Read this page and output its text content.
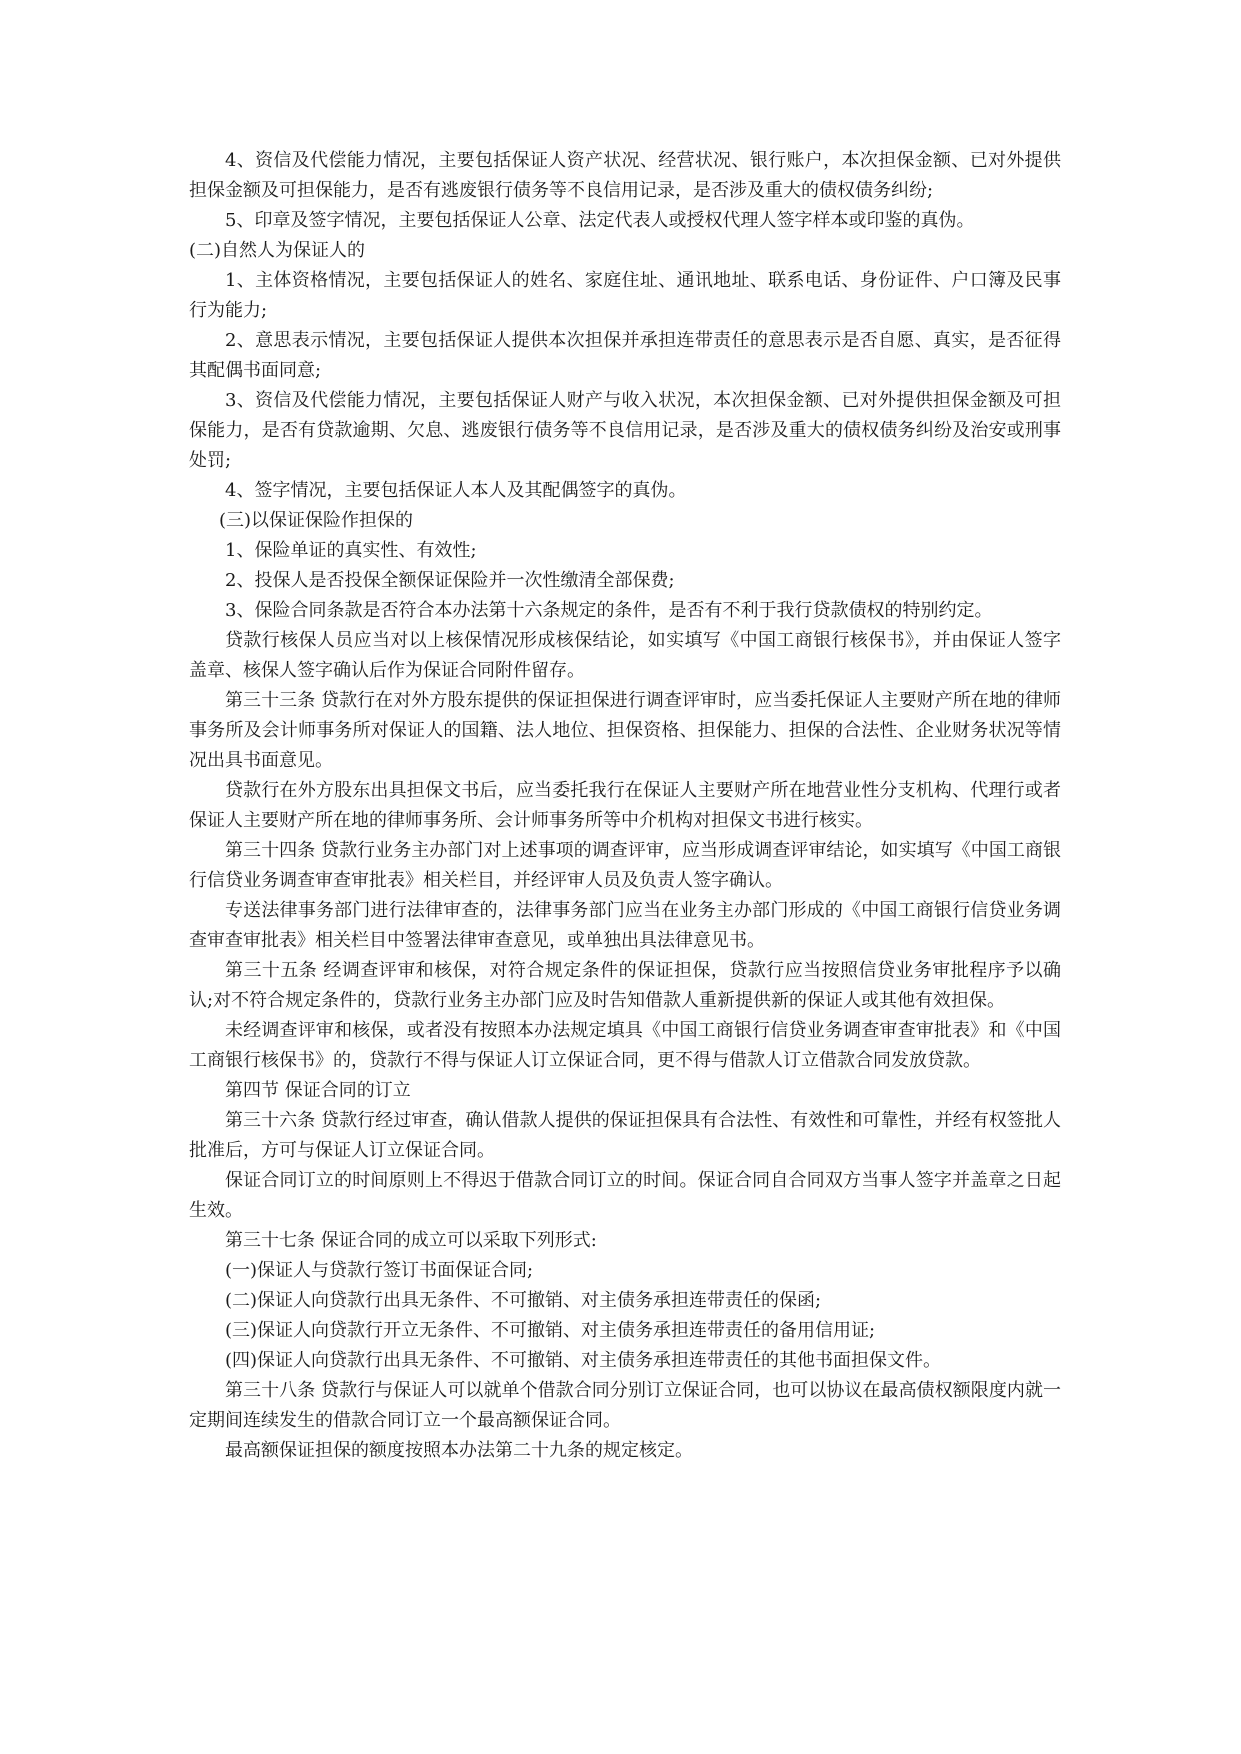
4、资信及代偿能力情况，主要包括保证人资产状况、经营状况、银行账户，本次担保金额、已对外提供担保金额及可担保能力，是否有逃废银行债务等不良信用记录，是否涉及重大的债权债务纠纷;

5、印章及签字情况，主要包括保证人公章、法定代表人或授权代理人签字样本或印鉴的真伪。

(二)自然人为保证人的

1、主体资格情况，主要包括保证人的姓名、家庭住址、通讯地址、联系电话、身份证件、户口簿及民事行为能力;

2、意思表示情况，主要包括保证人提供本次担保并承担连带责任的意思表示是否自愿、真实，是否征得其配偶书面同意;

3、资信及代偿能力情况，主要包括保证人财产与收入状况，本次担保金额、已对外提供担保金额及可担保能力，是否有贷款逾期、欠息、逃废银行债务等不良信用记录，是否涉及重大的债权债务纠纷及治安或刑事处罚;

4、签字情况，主要包括保证人本人及其配偶签字的真伪。

(三)以保证保险作担保的

1、保险单证的真实性、有效性;

2、投保人是否投保全额保证保险并一次性缴清全部保费;

3、保险合同条款是否符合本办法第十六条规定的条件，是否有不利于我行贷款债权的特别约定。

贷款行核保人员应当对以上核保情况形成核保结论，如实填写《中国工商银行核保书》，并由保证人签字盖章、核保人签字确认后作为保证合同附件留存。

第三十三条 贷款行在对外方股东提供的保证担保进行调查评审时，应当委托保证人主要财产所在地的律师事务所及会计师事务所对保证人的国籍、法人地位、担保资格、担保能力、担保的合法性、企业财务状况等情况出具书面意见。

贷款行在外方股东出具担保文书后，应当委托我行在保证人主要财产所在地营业性分支机构、代理行或者保证人主要财产所在地的律师事务所、会计师事务所等中介机构对担保文书进行核实。

第三十四条 贷款行业务主办部门对上述事项的调查评审，应当形成调查评审结论，如实填写《中国工商银行信贷业务调查审查审批表》相关栏目，并经评审人员及负责人签字确认。

专送法律事务部门进行法律审查的，法律事务部门应当在业务主办部门形成的《中国工商银行信贷业务调查审查审批表》相关栏目中签署法律审查意见，或单独出具法律意见书。

第三十五条 经调查评审和核保，对符合规定条件的保证担保，贷款行应当按照信贷业务审批程序予以确认;对不符合规定条件的，贷款行业务主办部门应及时告知借款人重新提供新的保证人或其他有效担保。

未经调查评审和核保，或者没有按照本办法规定填具《中国工商银行信贷业务调查审查审批表》和《中国工商银行核保书》的，贷款行不得与保证人订立保证合同，更不得与借款人订立借款合同发放贷款。

第四节 保证合同的订立

第三十六条 贷款行经过审查，确认借款人提供的保证担保具有合法性、有效性和可靠性，并经有权签批人批准后，方可与保证人订立保证合同。

保证合同订立的时间原则上不得迟于借款合同订立的时间。保证合同自合同双方当事人签字并盖章之日起生效。

第三十七条 保证合同的成立可以采取下列形式:

(一)保证人与贷款行签订书面保证合同;

(二)保证人向贷款行出具无条件、不可撤销、对主债务承担连带责任的保函;

(三)保证人向贷款行开立无条件、不可撤销、对主债务承担连带责任的备用信用证;

(四)保证人向贷款行出具无条件、不可撤销、对主债务承担连带责任的其他书面担保文件。

第三十八条 贷款行与保证人可以就单个借款合同分别订立保证合同，也可以协议在最高债权额限度内就一定期间连续发生的借款合同订立一个最高额保证合同。

最高额保证担保的额度按照本办法第二十九条的规定核定。
